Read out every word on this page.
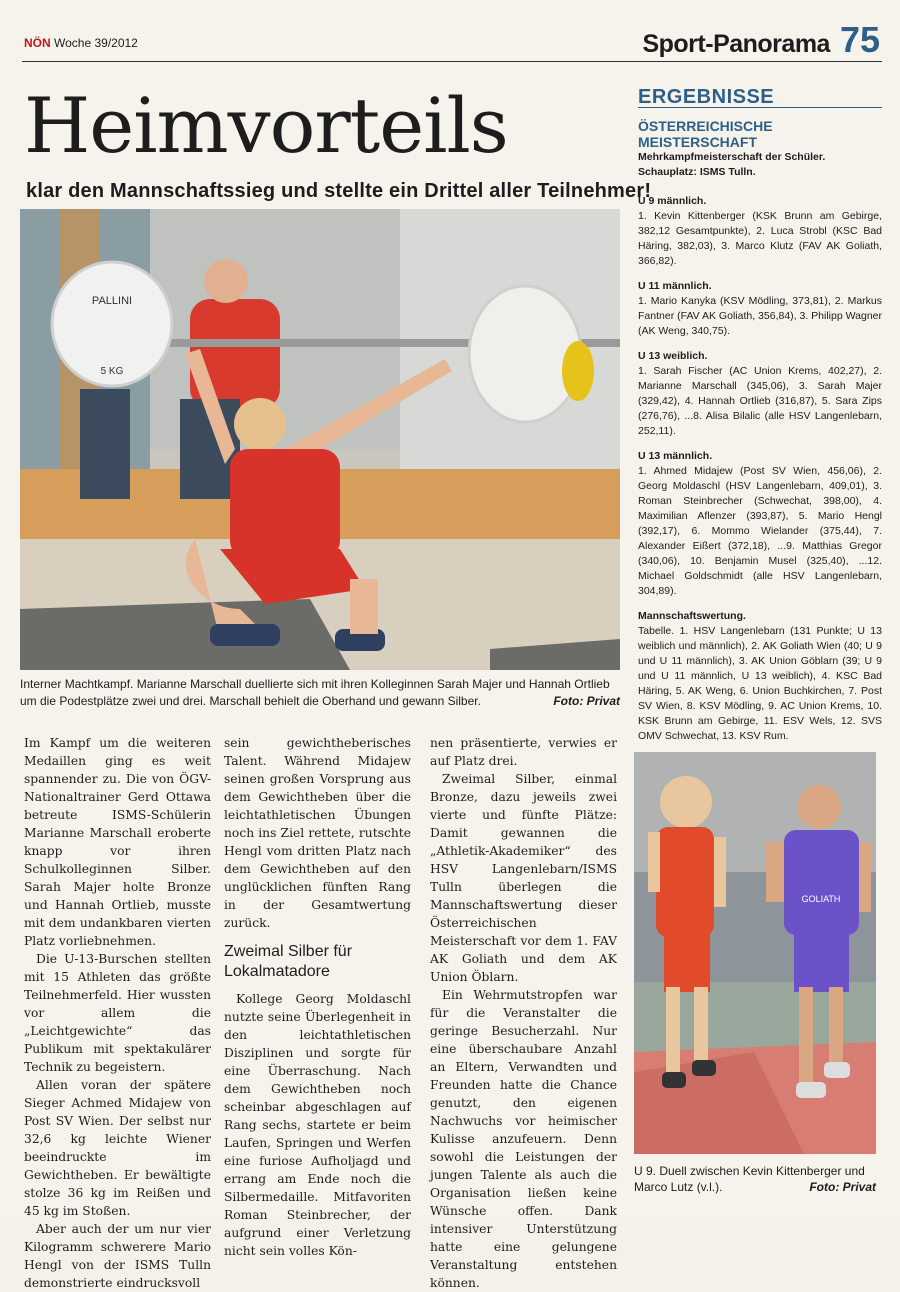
NÖN Woche 39/2012	Sport-Panorama 75
Heimvorteils
klar den Mannschaftssieg und stellte ein Drittel aller Teilnehmer!
PALLINI
5 KG
Interner Machtkampf. Marianne Marschall duellierte sich mit ihren Kolleginnen Sarah Majer und Hannah Ortlieb um die Podestplätze zwei und drei. Marschall behielt die Oberhand und gewann Silber.	Foto: Privat
ERGEBNISSE
ÖSTERREICHISCHE MEISTERSCHAFT
Mehrkampfmeisterschaft der Schüler.
Schauplatz: ISMS Tulln.
U 9 männlich.

1. Kevin Kittenberger (KSK Brunn am Gebirge, 382,12 Gesamtpunkte), 2. Luca Strobl (KSC Bad Häring, 382,03), 3. Marco Klutz (FAV AK Goliath, 366,82).

U 11 männlich.

1. Mario Kanyka (KSV Mödling, 373,81), 2. Markus Fantner (FAV AK Goliath, 356,84), 3. Philipp Wagner (AK Weng, 340,75).

U 13 weiblich.

1. Sarah Fischer (AC Union Krems, 402,27), 2. Marianne Marschall (345,06), 3. Sarah Majer (329,42), 4. Hannah Ortlieb (316,87), 5. Sara Zips (276,76), ...8. Alisa Bilalic (alle HSV Langenlebarn, 252,11).

U 13 männlich.

1. Ahmed Midajew (Post SV Wien, 456,06), 2. Georg Moldaschl (HSV Langenlebarn, 409,01), 3. Roman Steinbrecher (Schwechat, 398,00), 4. Maximilian Aflenzer (393,87), 5. Mario Hengl (392,17), 6. Mommo Wielander (375,44), 7. Alexander Eißert (372,18), ...9. Matthias Gregor (340,06), 10. Benjamin Musel (325,40), ...12. Michael Goldschmidt (alle HSV Langenlebarn, 304,89).

Mannschaftswertung.

Tabelle. 1. HSV Langenlebarn (131 Punkte; U 13 weiblich und männlich), 2. AK Goliath Wien (40; U 9 und U 11 männlich), 3. AK Union Göblarn (39; U 9 und U 11 männlich, U 13 weiblich), 4. KSC Bad Häring, 5. AK Weng, 6. Union Buchkirchen, 7. Post SV Wien, 8. KSV Mödling, 9. AC Union Krems, 10. KSK Brunn am Gebirge, 11. ESV Wels, 12. SVS OMV Schwechat, 13. KSV Rum.

Im Kampf um die weiteren Medaillen ging es weit spannender zu. Die von ÖGV-Nationaltrainer Gerd Ottawa betreute ISMS-Schülerin Marianne Marschall eroberte knapp vor ihren Schulkolleginnen Silber. Sarah Majer holte Bronze und Hannah Ortlieb, musste mit dem undankbaren vierten Platz vorliebnehmen.

Die U-13-Burschen stellten mit 15 Athleten das größte Teilnehmerfeld. Hier wussten vor allem die „Leichtgewichte“ das Publikum mit spektakulärer Technik zu begeistern.

Allen voran der spätere Sieger Achmed Midajew von Post SV Wien. Der selbst nur 32,6 kg leichte Wiener beeindruckte im Gewichtheben. Er bewältigte stolze 36 kg im Reißen und 45 kg im Stoßen.

Aber auch der um nur vier Kilogramm schwerere Mario Hengl von der ISMS Tulln demonstrierte eindrucksvoll

sein gewichtheberisches Talent. Während Midajew seinen großen Vorsprung aus dem Gewichtheben über die leichtathletischen Übungen noch ins Ziel rettete, rutschte Hengl vom dritten Platz nach dem Gewichtheben auf den unglücklichen fünften Rang in der Gesamtwertung zurück.

Zweimal Silber für Lokalmatadore

Kollege Georg Moldaschl nutzte seine Überlegenheit in den leichtathletischen Disziplinen und sorgte für eine Überraschung. Nach dem Gewichtheben noch scheinbar abgeschlagen auf Rang sechs, startete er beim Laufen, Springen und Werfen eine furiose Aufholjagd und errang am Ende noch die Silbermedaille. Mitfavoriten Roman Steinbrecher, der aufgrund einer Verletzung nicht sein volles Kön-

nen präsentierte, verwies er auf Platz drei.

Zweimal Silber, einmal Bronze, dazu jeweils zwei vierte und fünfte Plätze: Damit gewannen die „Athletik-Akademiker“ des HSV Langenlebarn/ISMS Tulln überlegen die Mannschaftswertung dieser Österreichischen Meisterschaft vor dem 1. FAV AK Goliath und dem AK Union Öblarn.

Ein Wehrmutstropfen war für die Veranstalter die geringe Besucherzahl. Nur eine überschaubare Anzahl an Eltern, Verwandten und Freunden hatte die Chance genutzt, den eigenen Nachwuchs vor heimischer Kulisse anzufeuern. Denn sowohl die Leistungen der jungen Talente als auch die Organisation ließen keine Wünsche offen. Dank intensiver Unterstützung hatte eine gelungene Veranstaltung entstehen können.

GOLIATH
U 9. Duell zwischen Kevin Kittenberger und Marco Lutz (v.l.).	Foto: Privat
